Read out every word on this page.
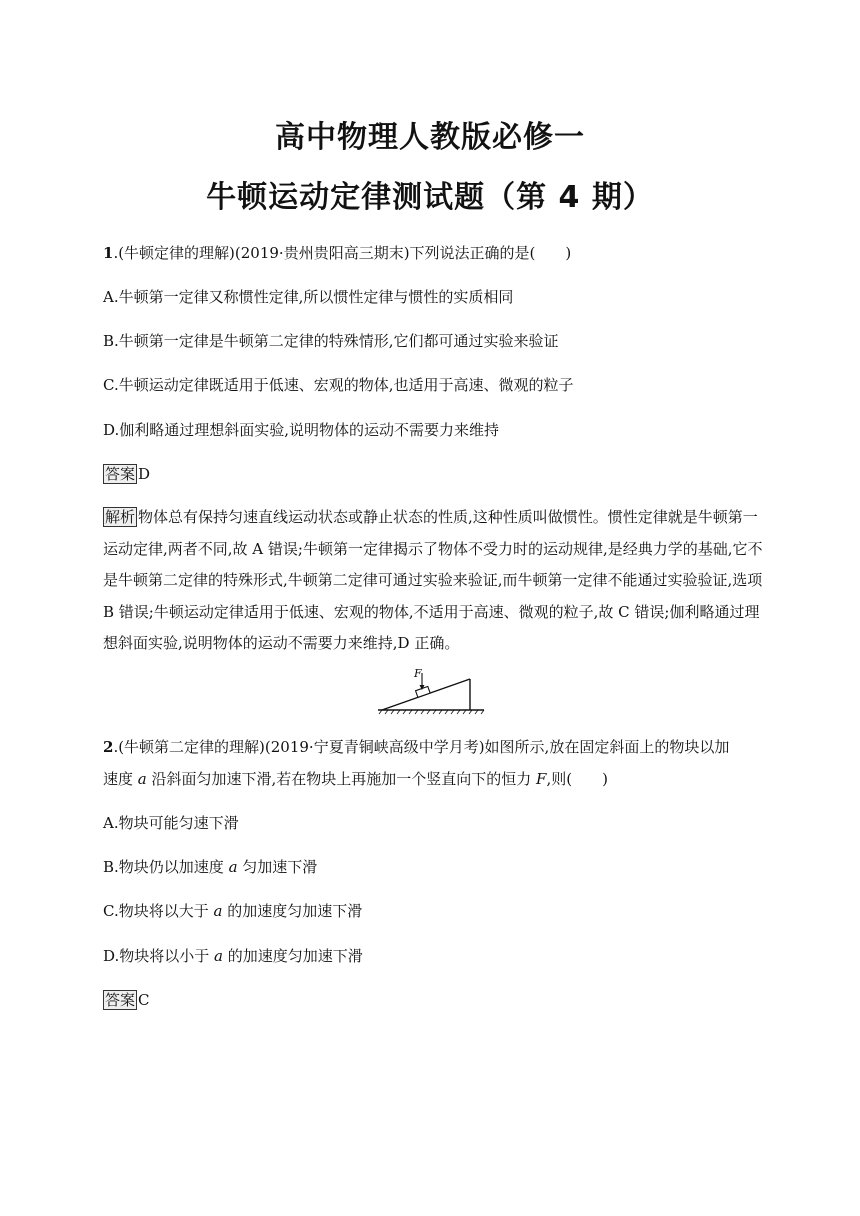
高中物理人教版必修一
牛顿运动定律测试题（第 4 期）
1.(牛顿定律的理解)(2019·贵州贵阳高三期末)下列说法正确的是(　　)
A.牛顿第一定律又称惯性定律,所以惯性定律与惯性的实质相同
B.牛顿第一定律是牛顿第二定律的特殊情形,它们都可通过实验来验证
C.牛顿运动定律既适用于低速、宏观的物体,也适用于高速、微观的粒子
D.伽利略通过理想斜面实验,说明物体的运动不需要力来维持
答案 D
解析 物体总有保持匀速直线运动状态或静止状态的性质,这种性质叫做惯性。惯性定律就是牛顿第一运动定律,两者不同,故 A 错误;牛顿第一定律揭示了物体不受力时的运动规律,是经典力学的基础,它不是牛顿第二定律的特殊形式,牛顿第二定律可通过实验来验证,而牛顿第一定律不能通过实验验证,选项 B 错误;牛顿运动定律适用于低速、宏观的物体,不适用于高速、微观的粒子,故 C 错误;伽利略通过理想斜面实验,说明物体的运动不需要力来维持,D 正确。
F
2.(牛顿第二定律的理解)(2019·宁夏青铜峡高级中学月考)如图所示,放在固定斜面上的物块以加
速度 a 沿斜面匀加速下滑,若在物块上再施加一个竖直向下的恒力 F,则(　　)
A.物块可能匀速下滑
B.物块仍以加速度 a 匀加速下滑
C.物块将以大于 a 的加速度匀加速下滑
D.物块将以小于 a 的加速度匀加速下滑
答案 C
